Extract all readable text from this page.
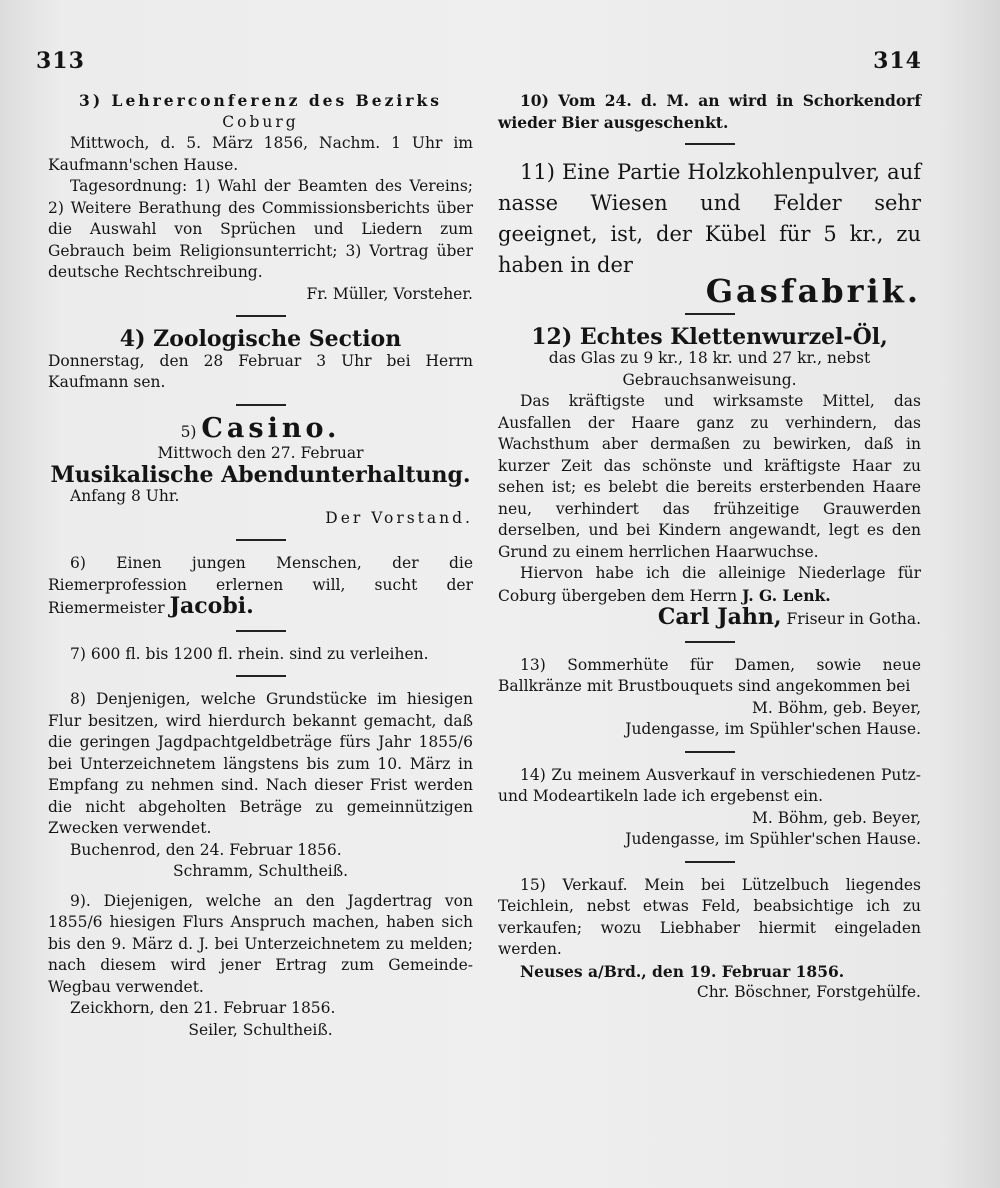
313	314

3) Lehrerconferenz des Bezirks

Coburg

Mittwoch, d. 5. März 1856, Nachm. 1 Uhr im Kaufmann'schen Hause.

Tagesordnung: 1) Wahl der Beamten des Vereins; 2) Weitere Berathung des Commissionsberichts über die Auswahl von Sprüchen und Liedern zum Gebrauch beim Religionsunterricht; 3) Vortrag über deutsche Rechtschreibung.

Fr. Müller, Vorsteher.

4) Zoologische Section

Donnerstag, den 28 Februar 3 Uhr bei Herrn Kaufmann sen.

5) Casino.

Mittwoch den 27. Februar

Musikalische Abendunterhaltung.

Anfang 8 Uhr.

Der Vorstand.

6) Einen jungen Menschen, der die Riemerprofession erlernen will, sucht der Riemermeister Jacobi.

7) 600 fl. bis 1200 fl. rhein. sind zu verleihen.

8) Denjenigen, welche Grundstücke im hiesigen Flur besitzen, wird hierdurch bekannt gemacht, daß die geringen Jagdpachtgeldbeträge fürs Jahr 1855/6 bei Unterzeichnetem längstens bis zum 10. März in Empfang zu nehmen sind. Nach dieser Frist werden die nicht abgeholten Beträge zu gemeinnützigen Zwecken verwendet.

Buchenrod, den 24. Februar 1856.

Schramm, Schultheiß.

9). Diejenigen, welche an den Jagdertrag von 1855/6 hiesigen Flurs Anspruch machen, haben sich bis den 9. März d. J. bei Unterzeichnetem zu melden; nach diesem wird jener Ertrag zum Gemeinde-Wegbau verwendet.

Zeickhorn, den 21. Februar 1856.

Seiler, Schultheiß.

10) Vom 24. d. M. an wird in Schorkendorf wieder Bier ausgeschenkt.

11) Eine Partie Holzkohlenpulver, auf nasse Wiesen und Felder sehr geeignet, ist, der Kübel für 5 kr., zu haben in der

Gasfabrik.

12) Echtes Klettenwurzel-Öl,

das Glas zu 9 kr., 18 kr. und 27 kr., nebst Gebrauchsanweisung.

Das kräftigste und wirksamste Mittel, das Ausfallen der Haare ganz zu verhindern, das Wachsthum aber dermaßen zu bewirken, daß in kurzer Zeit das schönste und kräftigste Haar zu sehen ist; es belebt die bereits ersterbenden Haare neu, verhindert das frühzeitige Grauwerden derselben, und bei Kindern angewandt, legt es den Grund zu einem herrlichen Haarwuchse.

Hiervon habe ich die alleinige Niederlage für Coburg übergeben dem Herrn J. G. Lenk.

Carl Jahn, Friseur in Gotha.

13) Sommerhüte für Damen, sowie neue Ballkränze mit Brustbouquets sind angekommen bei

M. Böhm, geb. Beyer,

Judengasse, im Spühler'schen Hause.

14) Zu meinem Ausverkauf in verschiedenen Putz- und Modeartikeln lade ich ergebenst ein.

M. Böhm, geb. Beyer,

Judengasse, im Spühler'schen Hause.

15) Verkauf. Mein bei Lützelbuch liegendes Teichlein, nebst etwas Feld, beabsichtige ich zu verkaufen; wozu Liebhaber hiermit eingeladen werden.

Neuses a/Brd., den 19. Februar 1856.

Chr. Böschner, Forstgehülfe.
